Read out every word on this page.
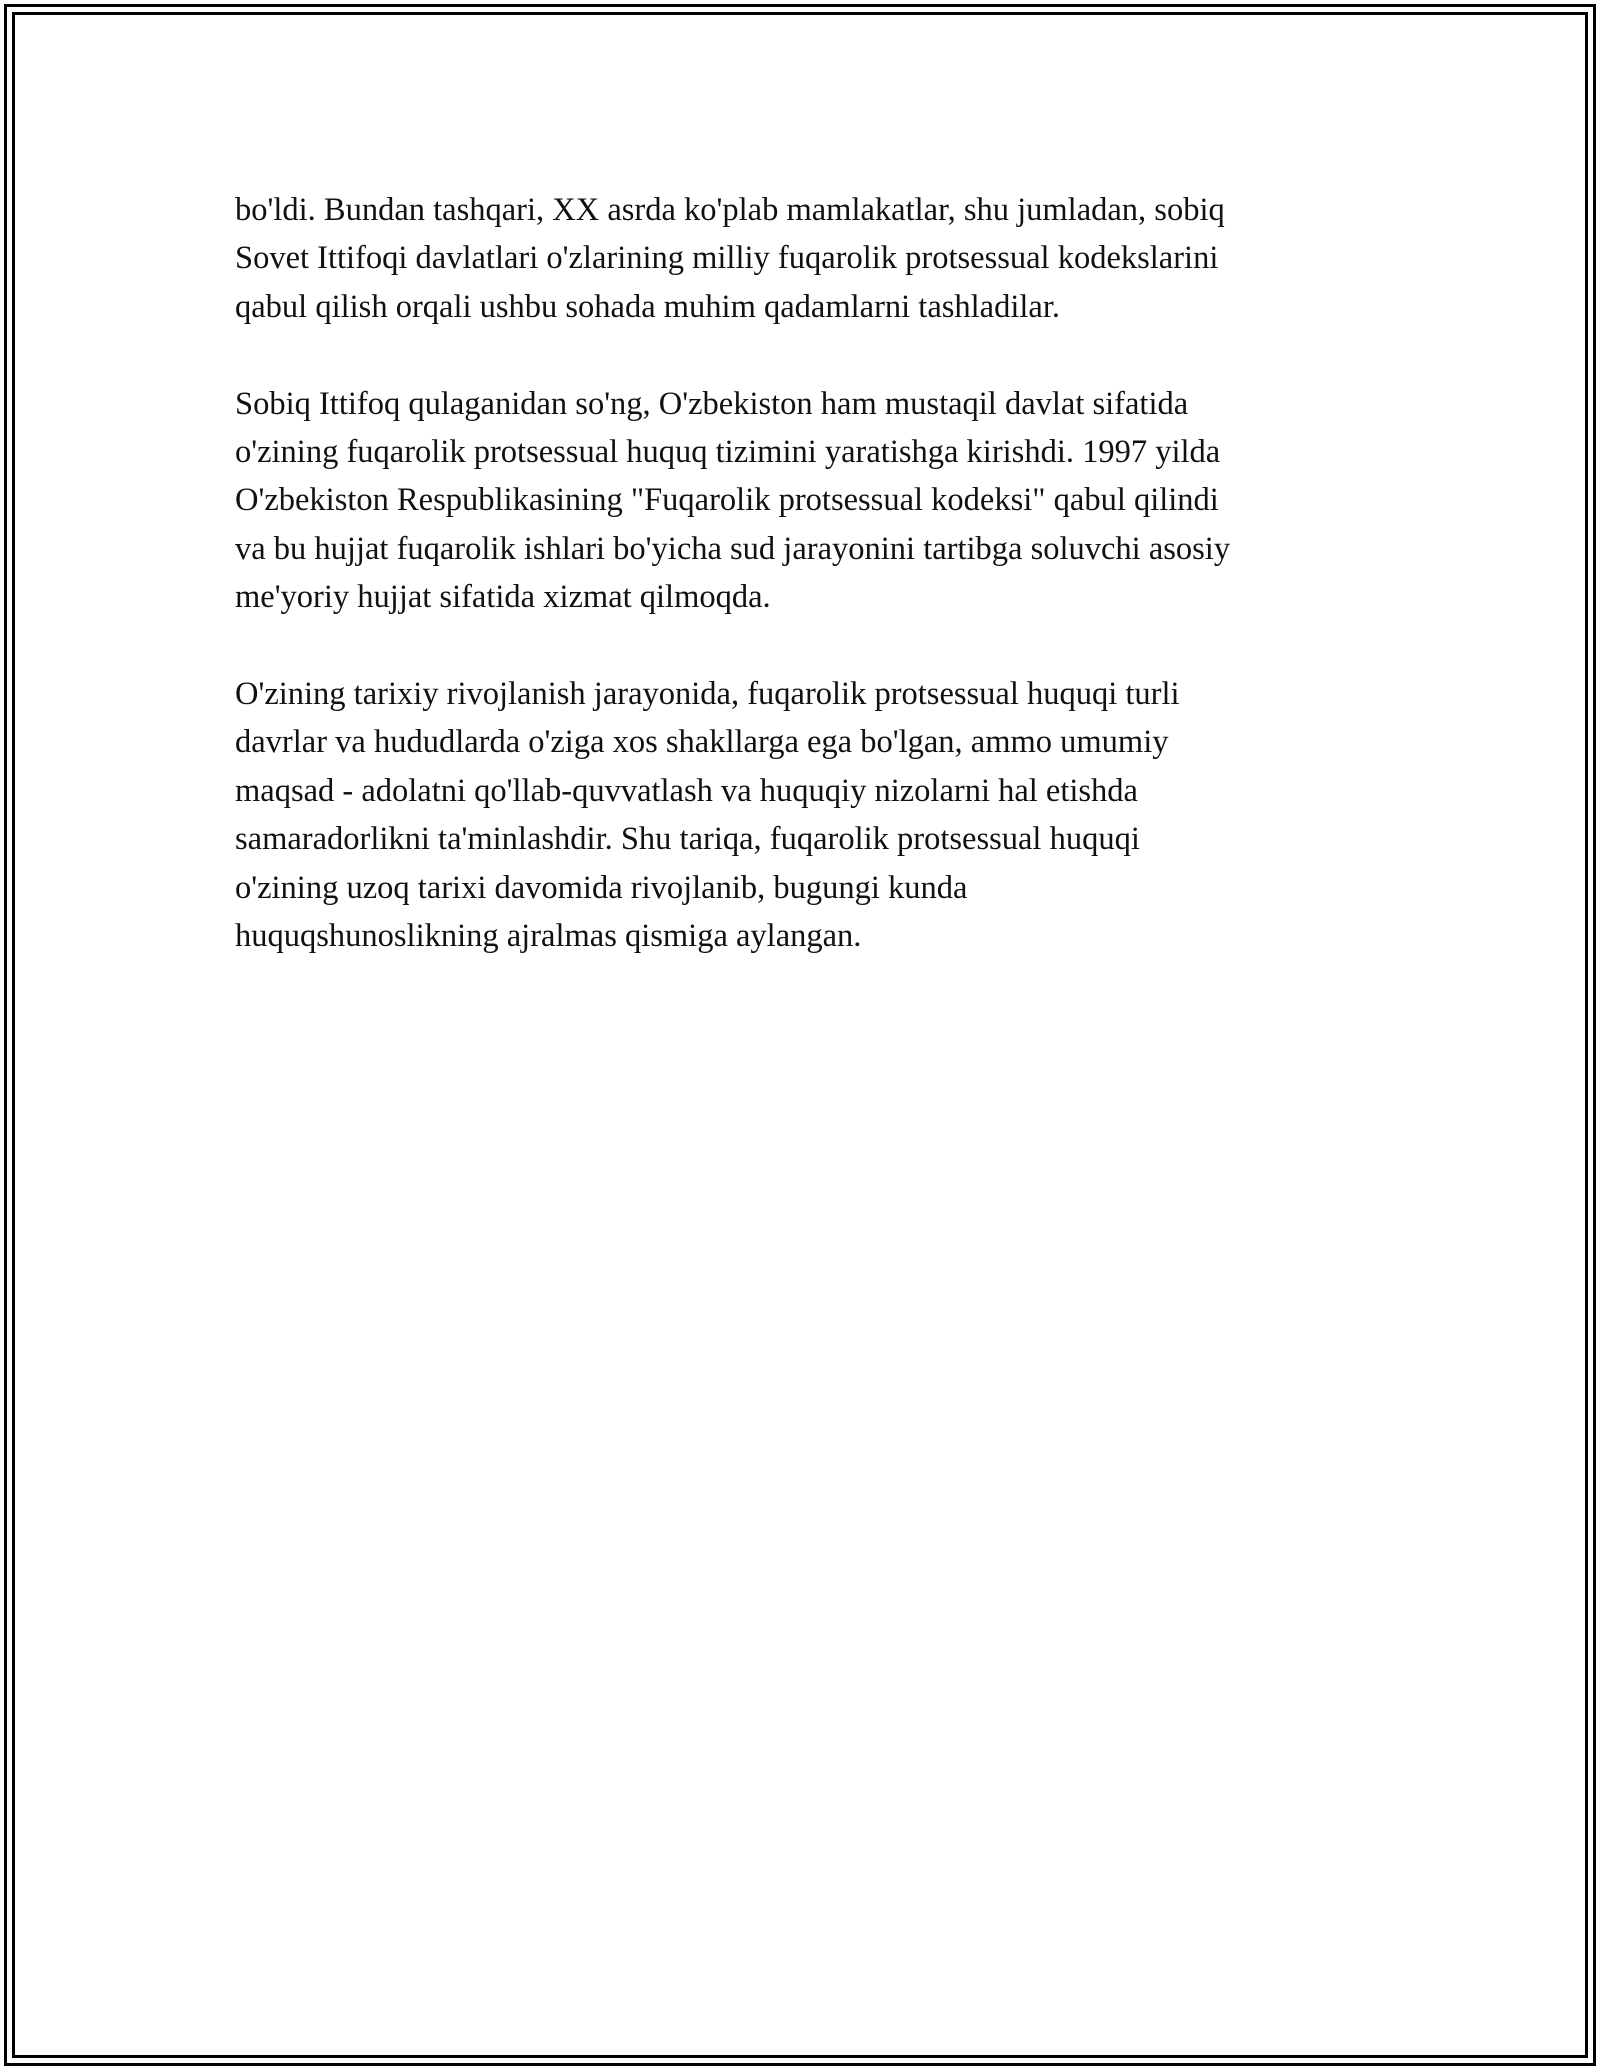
bo'ldi. Bundan tashqari, XX asrda ko'plab mamlakatlar, shu jumladan, sobiq
Sovet Ittifoqi davlatlari o'zlarining milliy fuqarolik protsessual kodekslarini
qabul qilish orqali ushbu sohada muhim qadamlarni tashladilar.

Sobiq Ittifoq qulaganidan so'ng, O'zbekiston ham mustaqil davlat sifatida
o'zining fuqarolik protsessual huquq tizimini yaratishga kirishdi. 1997 yilda
O'zbekiston Respublikasining "Fuqarolik protsessual kodeksi" qabul qilindi
va bu hujjat fuqarolik ishlari bo'yicha sud jarayonini tartibga soluvchi asosiy
me'yoriy hujjat sifatida xizmat qilmoqda.

O'zining tarixiy rivojlanish jarayonida, fuqarolik protsessual huquqi turli
davrlar va hududlarda o'ziga xos shakllarga ega bo'lgan, ammo umumiy
maqsad - adolatni qo'llab-quvvatlash va huquqiy nizolarni hal etishda
samaradorlikni ta'minlashdir. Shu tariqa, fuqarolik protsessual huquqi
o'zining uzoq tarixi davomida rivojlanib, bugungi kunda
huquqshunoslikning ajralmas qismiga aylangan.
